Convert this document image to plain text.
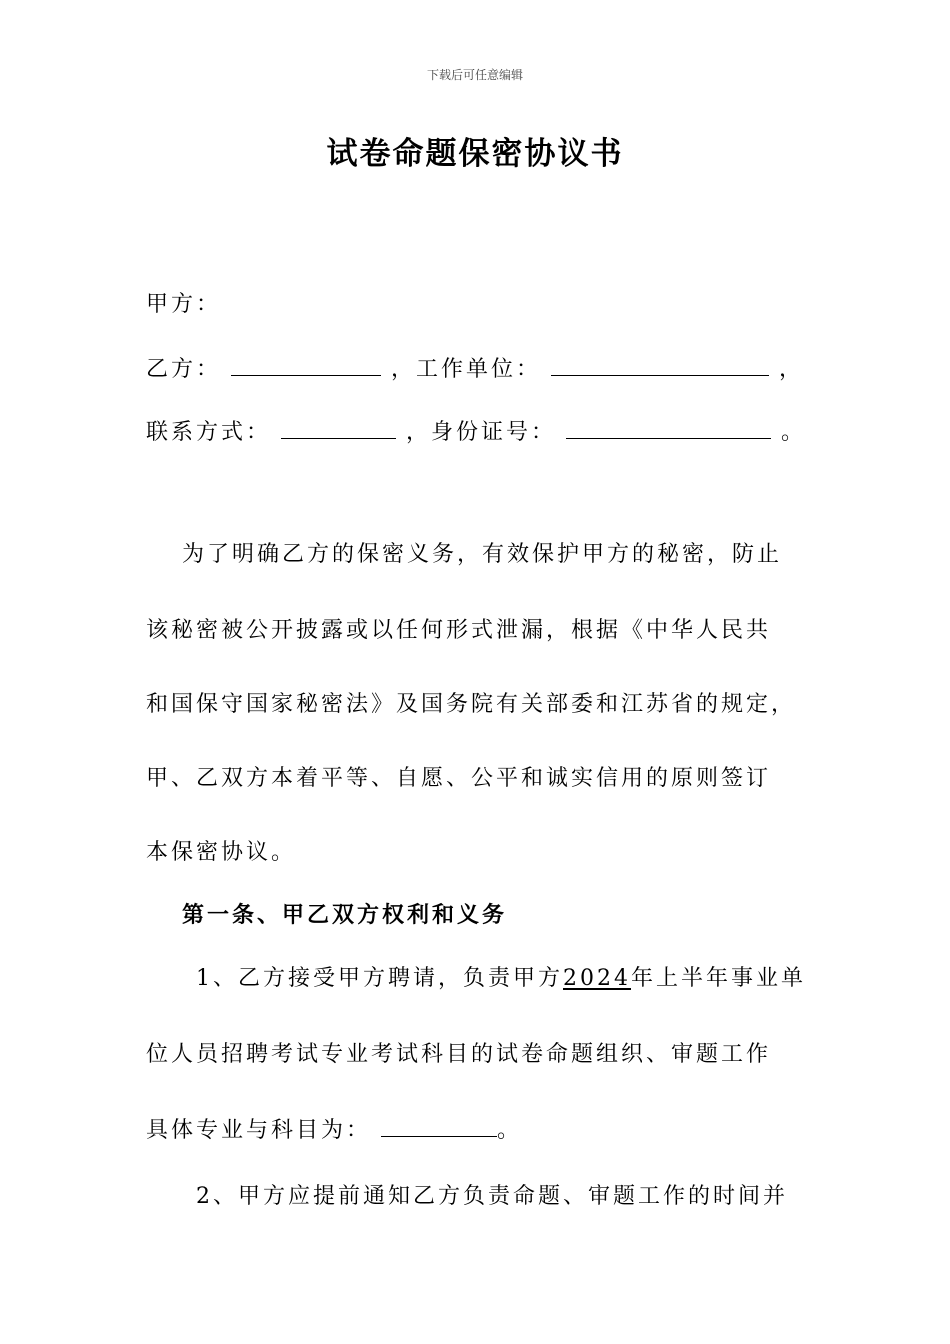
下载后可任意编辑
试卷命题保密协议书
甲方：
乙方：	，工作单位：	，
联系方式：	，身份证号：	。
为了明确乙方的保密义务，有效保护甲方的秘密，防止
该秘密被公开披露或以任何形式泄漏，根据《中华人民共
和国保守国家秘密法》及国务院有关部委和江苏省的规定，
甲、乙双方本着平等、自愿、公平和诚实信用的原则签订
本保密协议。
第一条、甲乙双方权利和义务
1、乙方接受甲方聘请，负责甲方2024年上半年事业单
位人员招聘考试专业考试科目的试卷命题组织、审题工作
具体专业与科目为：	。
2、甲方应提前通知乙方负责命题、审题工作的时间并
